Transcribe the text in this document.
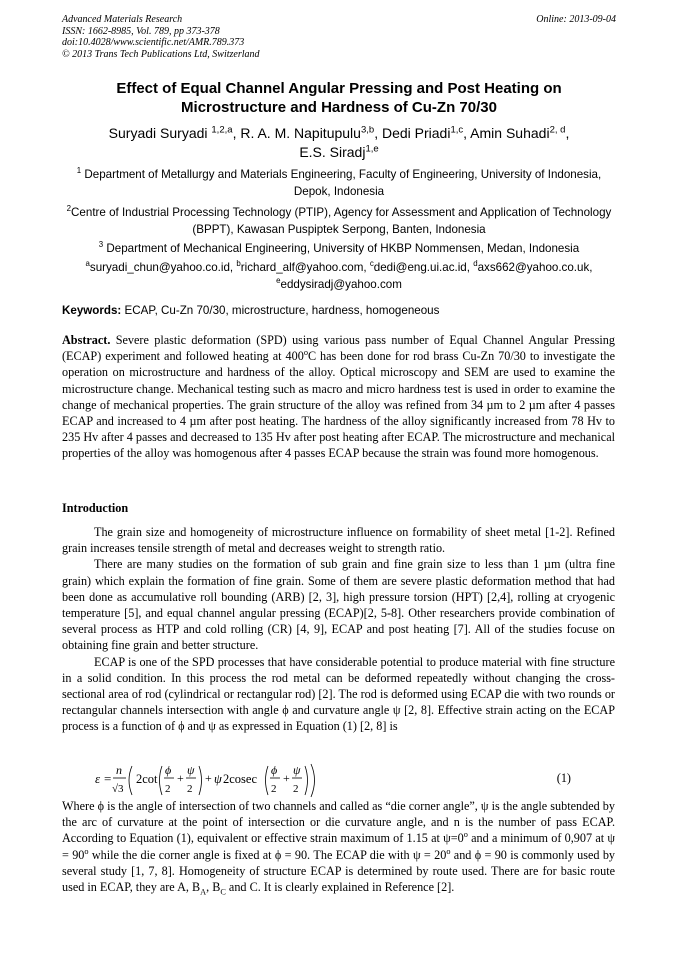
Advanced Materials Research
ISSN: 1662-8985, Vol. 789, pp 373-378
doi:10.4028/www.scientific.net/AMR.789.373
© 2013 Trans Tech Publications Ltd, Switzerland
Online: 2013-09-04
Effect of Equal Channel Angular Pressing and Post Heating on
Microstructure and Hardness of Cu-Zn 70/30
Suryadi Suryadi $^{1,2,a}$, R. A. M. Napitupulu$^{3,b}$, Dedi Priadi$^{1,c}$, Amin Suhadi$^{2, d}$,
E.S. Siradj$^{1,e}$
$^1$ Department of Metallurgy and Materials Engineering, Faculty of Engineering, University of Indonesia, Depok, Indonesia
$^2$Centre of Industrial Processing Technology (PTIP), Agency for Assessment and Application of Technology (BPPT), Kawasan Puspiptek Serpong, Banten, Indonesia
$^3$ Department of Mechanical Engineering, University of HKBP Nommensen, Medan, Indonesia
$^a$suryadi_chun@yahoo.co.id, $^b$richard_alf@yahoo.com, $^c$dedi@eng.ui.ac.id, $^d$axs662@yahoo.co.uk,
$^e$eddysiradj@yahoo.com
Keywords: ECAP, Cu-Zn 70/30, microstructure, hardness, homogeneous

Abstract. Severe plastic deformation (SPD) using various pass number of Equal Channel Angular Pressing (ECAP) experiment and followed heating at 400$^o$C has been done for rod brass Cu-Zn 70/30 to investigate the operation on microstructure and hardness of the alloy. Optical microscopy and SEM are used to examine the microstructure change. Mechanical testing such as macro and micro hardness test is used in order to examine the change of mechanical properties. The grain structure of the alloy was refined from 34 µm to 2 µm after 4 passes ECAP and increased to 4 µm after post heating. The hardness of the alloy significantly increased from 78 Hv to 235 Hv after 4 passes and decreased to 135 Hv after post heating after ECAP. The microstructure and mechanical properties of the alloy was homogenous after 4 passes ECAP because the strain was found more homogenous.

Introduction

The grain size and homogeneity of microstructure influence on formability of sheet metal [1-2]. Refined grain increases tensile strength of metal and decreases weight to strength ratio.

There are many studies on the formation of sub grain and fine grain size to less than 1 µm (ultra fine grain) which explain the formation of fine grain. Some of them are severe plastic deformation method that had been done as accumulative roll bounding (ARB) [2, 3], high pressure torsion (HPT) [2,4], rolling at cryogenic temperature [5], and equal channel angular pressing (ECAP)[2, 5-8]. Other researchers provide combination of several process as HTP and cold rolling (CR) [4, 9], ECAP and post heating [7]. All of the studies focuse on obtaining fine grain and better structure.

ECAP is one of the SPD processes that have considerable potential to produce material with fine structure in a solid condition. In this process the rod metal can be deformed repeatedly without changing the cross-sectional area of rod (cylindrical or rectangular rod) [2]. The rod is deformed using ECAP die with two rounds or rectangular channels intersection with angle ϕ and curvature angle ψ [2, 8]. Effective strain acting on the ECAP process is a function of ϕ and ψ as expressed in Equation (1) [2, 8] is

ε =
n
√3
2cot
ϕ
2
+
ψ
2
+ ψ 2cosec
ϕ
2
+
ψ
2
(1)

Where ϕ is the angle of intersection of two channels and called as “die corner angle”, ψ is the angle subtended by the arc of curvature at the point of intersection or die curvature angle, and n is the number of pass ECAP. According to Equation (1), equivalent or effective strain maximum of 1.15 at $\psi=0^o$ and a minimum of 0,907 at $\psi = 90^o$ while the die corner angle is fixed at ϕ = 90. The ECAP die with $\psi = 20^o$ and ϕ = 90 is commonly used by several study [1, 7, 8]. Homogeneity of structure ECAP is determined by route used. There are for basic route used in ECAP, they are A, $B_A$, $B_C$ and C. It is clearly explained in Reference [2].
